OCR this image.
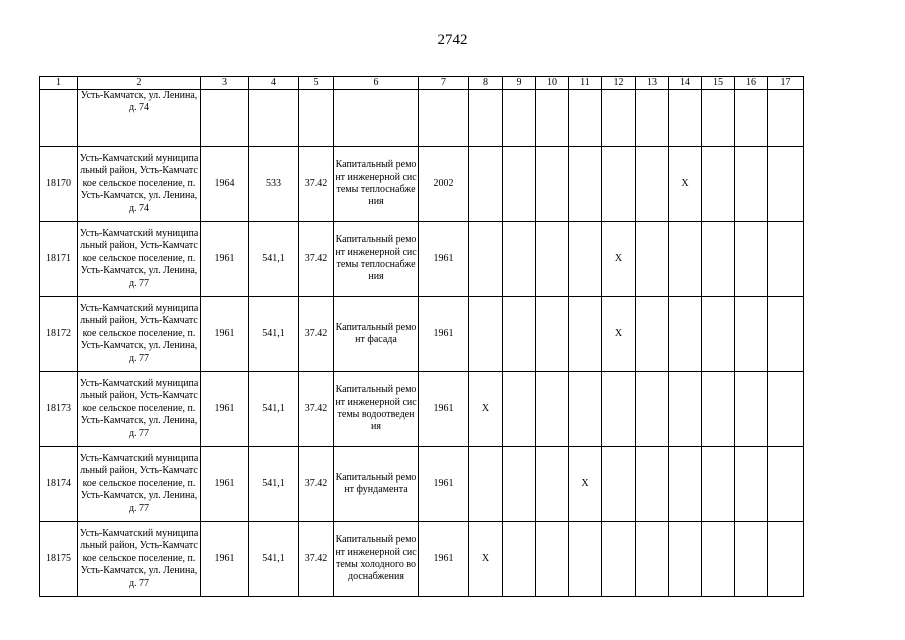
2742
1	2	3	4	5	6	7	8	9	10	11	12	13	14	15	16	17
	Усть-Камчатск, ул. Ленина,д. 74															
18170	Усть-Камчатский муниципальный район, Усть-Камчатское сельское поселение, п. Усть-Камчатск, ул. Ленина,д. 74	1964	533	37.42	Капитальный ремонт инженерной системы теплоснабжения	2002							X			
18171	Усть-Камчатский муниципальный район, Усть-Камчатское сельское поселение, п. Усть-Камчатск, ул. Ленина,д. 77	1961	541,1	37.42	Капитальный ремонт инженерной системы теплоснабжения	1961					X					
18172	Усть-Камчатский муниципальный район, Усть-Камчатское сельское поселение, п. Усть-Камчатск, ул. Ленина,д. 77	1961	541,1	37.42	Капитальный ремонт фасада	1961					X					
18173	Усть-Камчатский муниципальный район, Усть-Камчатское сельское поселение, п. Усть-Камчатск, ул. Ленина,д. 77	1961	541,1	37.42	Капитальный ремонт инженерной системы водоотведения	1961	X									
18174	Усть-Камчатский муниципальный район, Усть-Камчатское сельское поселение, п. Усть-Камчатск, ул. Ленина,д. 77	1961	541,1	37.42	Капитальный ремонт фундамента	1961				X						
18175	Усть-Камчатский муниципальный район, Усть-Камчатское сельское поселение, п. Усть-Камчатск, ул. Ленина,д. 77	1961	541,1	37.42	Капитальный ремонт инженерной системы холодного водоснабжения	1961	X									
